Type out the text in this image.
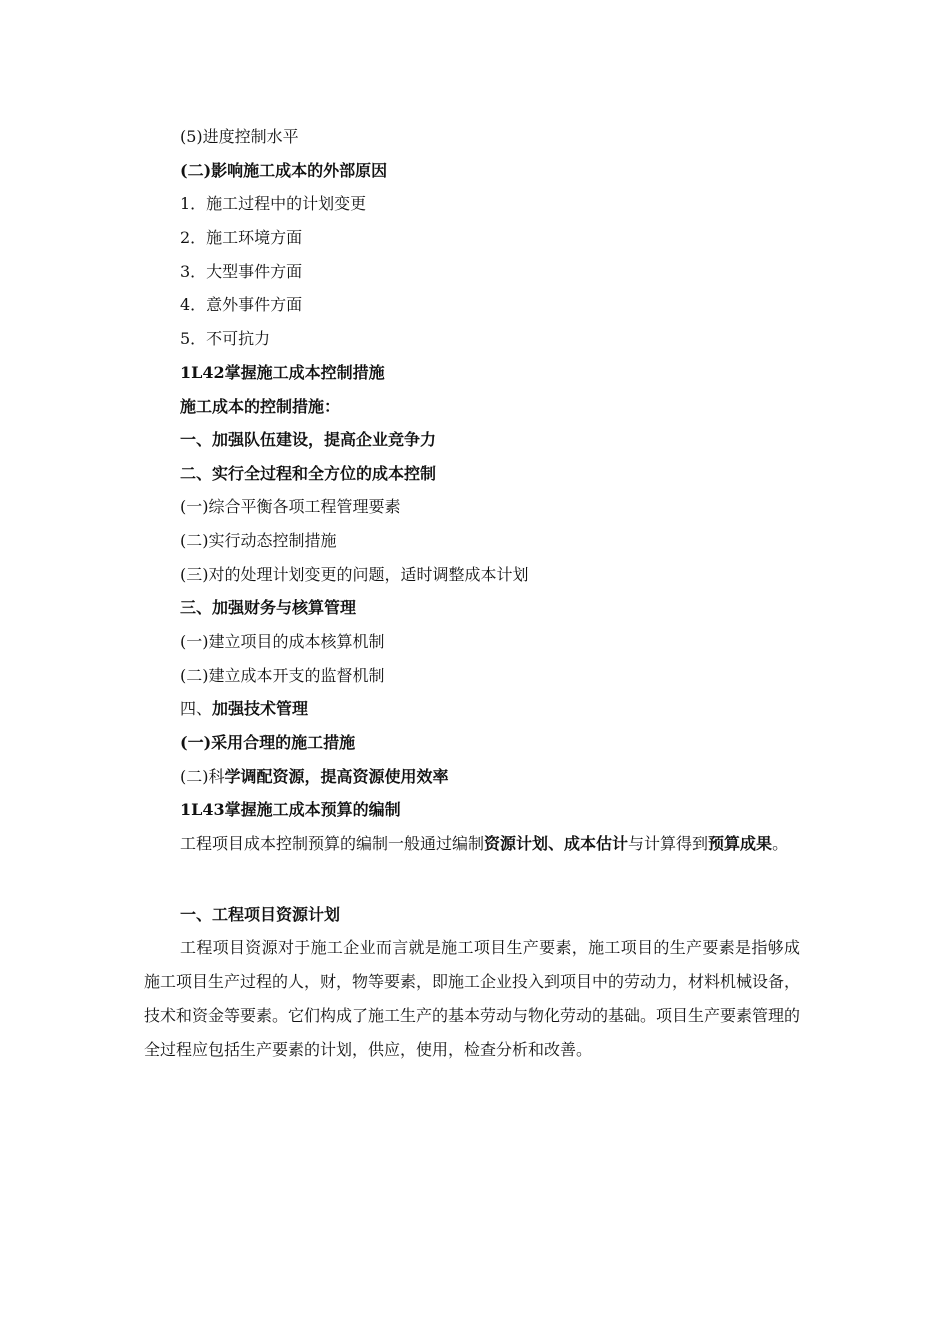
(5)进度控制水平
(二)影响施工成本的外部原因
1．施工过程中的计划变更
2．施工环境方面
3．大型事件方面
4．意外事件方面
5．不可抗力
1L42掌握施工成本控制措施
施工成本的控制措施：
一、加强队伍建设，提高企业竞争力
二、实行全过程和全方位的成本控制
(一)综合平衡各项工程管理要素
(二)实行动态控制措施
(三)对的处理计划变更的问题，适时调整成本计划
三、加强财务与核算管理
(一)建立项目的成本核算机制
(二)建立成本开支的监督机制
四、加强技术管理
(一)采用合理的施工措施
(二)科学调配资源，提高资源使用效率
1L43掌握施工成本预算的编制
工程项目成本控制预算的编制一般通过编制资源计划、成本估计与计算得到预算成果。
一、工程项目资源计划
工程项目资源对于施工企业而言就是施工项目生产要素，施工项目的生产要素是指够成施工项目生产过程的人，财，物等要素，即施工企业投入到项目中的劳动力，材料机械设备，技术和资金等要素。它们构成了施工生产的基本劳动与物化劳动的基础。项目生产要素管理的全过程应包括生产要素的计划，供应，使用，检查分析和改善。
